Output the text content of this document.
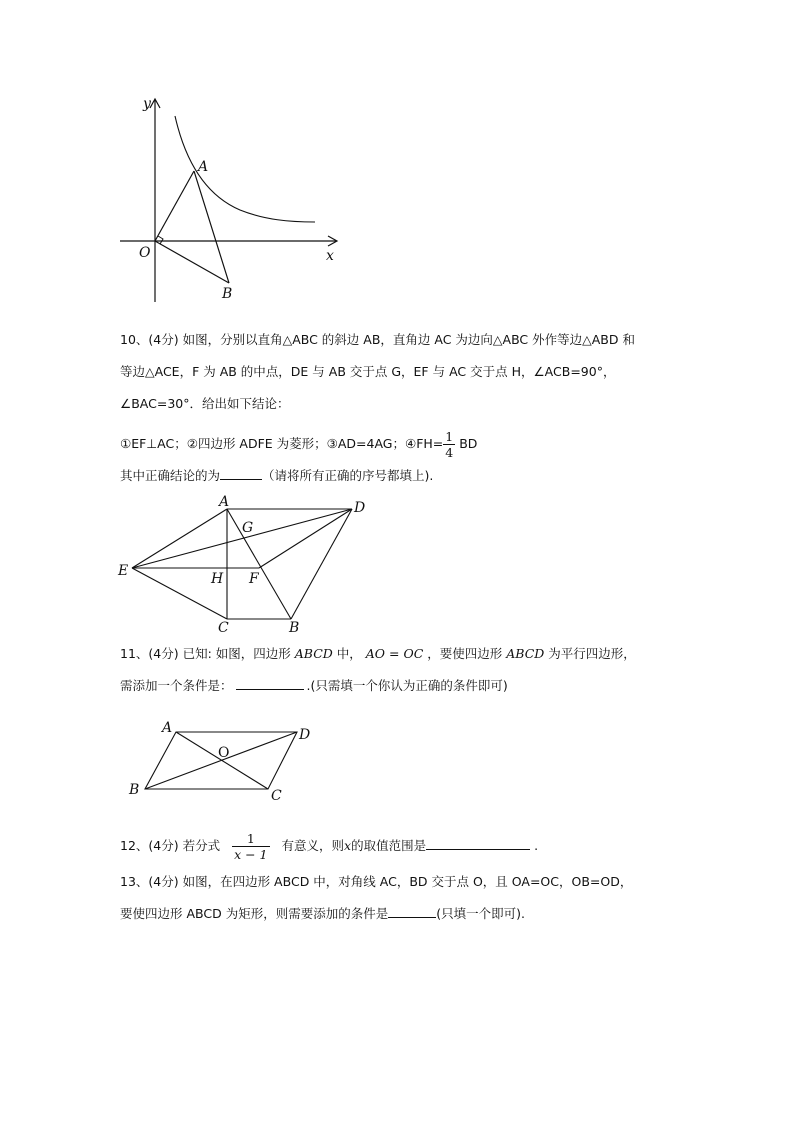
y
x
O
A
B
10、(4分) 如图，分别以直角△ABC 的斜边 AB，直角边 AC 为边向△ABC 外作等边△ABD 和
等边△ACE，F 为 AB 的中点，DE 与 AB 交于点 G，EF 与 AC 交于点 H，∠ACB=90°，
∠BAC=30°．给出如下结论：
①EF⊥AC；②四边形 ADFE 为菱形；③AD=4AG；④FH= $\frac{1}{4}$ BD
其中正确结论的为	（请将所有正确的序号都填上).
A	D
G
E	H F
C	B
11、(4分) 已知: 如图，四边形 ABCD 中， AO = OC ，要使四边形 ABCD 为平行四边形，
需添加一个条件是：	.(只需填一个你认为正确的条件即可)
A	D
O
B	C
12、(4分) 若分式 $\frac{1}{x - 1}$ 有意义，则x的取值范围是	.
13、(4分) 如图，在四边形 ABCD 中，对角线 AC，BD 交于点 O，且 OA=OC，OB=OD，
要使四边形 ABCD 为矩形，则需要添加的条件是	(只填一个即可).
